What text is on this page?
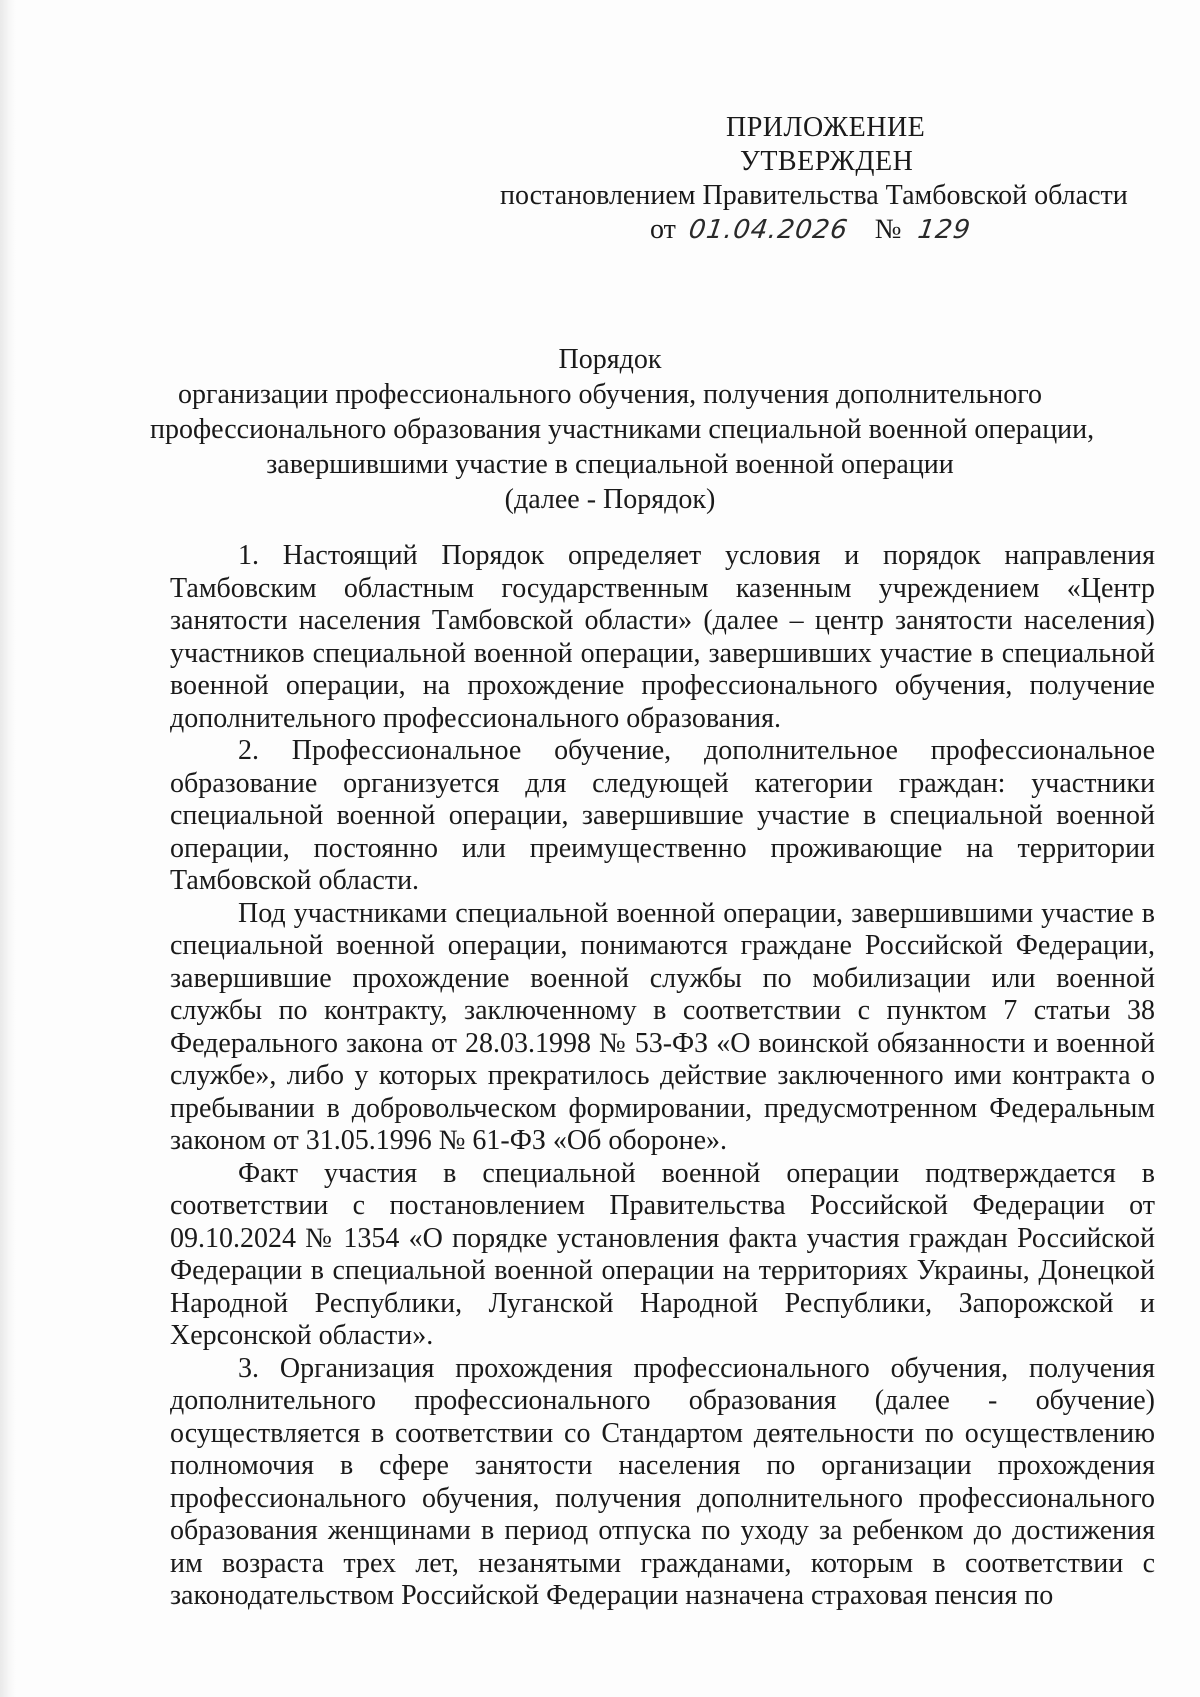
ПРИЛОЖЕНИЕ
УТВЕРЖДЕН
постановлением Правительства Тамбовской области
от 01.04.2026 № 129
Порядок
организации профессионального обучения, получения дополнительного
профессионального образования участниками специальной военной операции,
завершившими участие в специальной военной операции
(далее - Порядок)

1. Настоящий Порядок определяет условия и порядок направления Тамбовским областным государственным казенным учреждением «Центр занятости населения Тамбовской области» (далее – центр занятости населения) участников специальной военной операции, завершивших участие в специальной военной операции, на прохождение профессионального обучения, получение дополнительного профессионального образования.

2. Профессиональное обучение, дополнительное профессиональное образование организуется для следующей категории граждан: участники специальной военной операции, завершившие участие в специальной военной операции, постоянно или преимущественно проживающие на территории Тамбовской области.

Под участниками специальной военной операции, завершившими участие в специальной военной операции, понимаются граждане Российской Федерации, завершившие прохождение военной службы по мобилизации или военной службы по контракту, заключенному в соответствии с пунктом 7 статьи 38 Федерального закона от 28.03.1998 № 53-ФЗ «О воинской обязанности и военной службе», либо у которых прекратилось действие заключенного ими контракта о пребывании в добровольческом формировании, предусмотренном Федеральным законом от 31.05.1996 № 61-ФЗ «Об обороне».

Факт участия в специальной военной операции подтверждается в соответствии с постановлением Правительства Российской Федерации от 09.10.2024 № 1354 «О порядке установления факта участия граждан Российской Федерации в специальной военной операции на территориях Украины, Донецкой Народной Республики, Луганской Народной Республики, Запорожской и Херсонской области».

3. Организация прохождения профессионального обучения, получения дополнительного профессионального образования (далее - обучение) осуществляется в соответствии со Стандартом деятельности по осуществлению полномочия в сфере занятости населения по организации прохождения профессионального обучения, получения дополнительного профессионального образования женщинами в период отпуска по уходу за ребенком до достижения им возраста трех лет, незанятыми гражданами, которым в соответствии с законодательством Российской Федерации назначена страховая пенсия по
